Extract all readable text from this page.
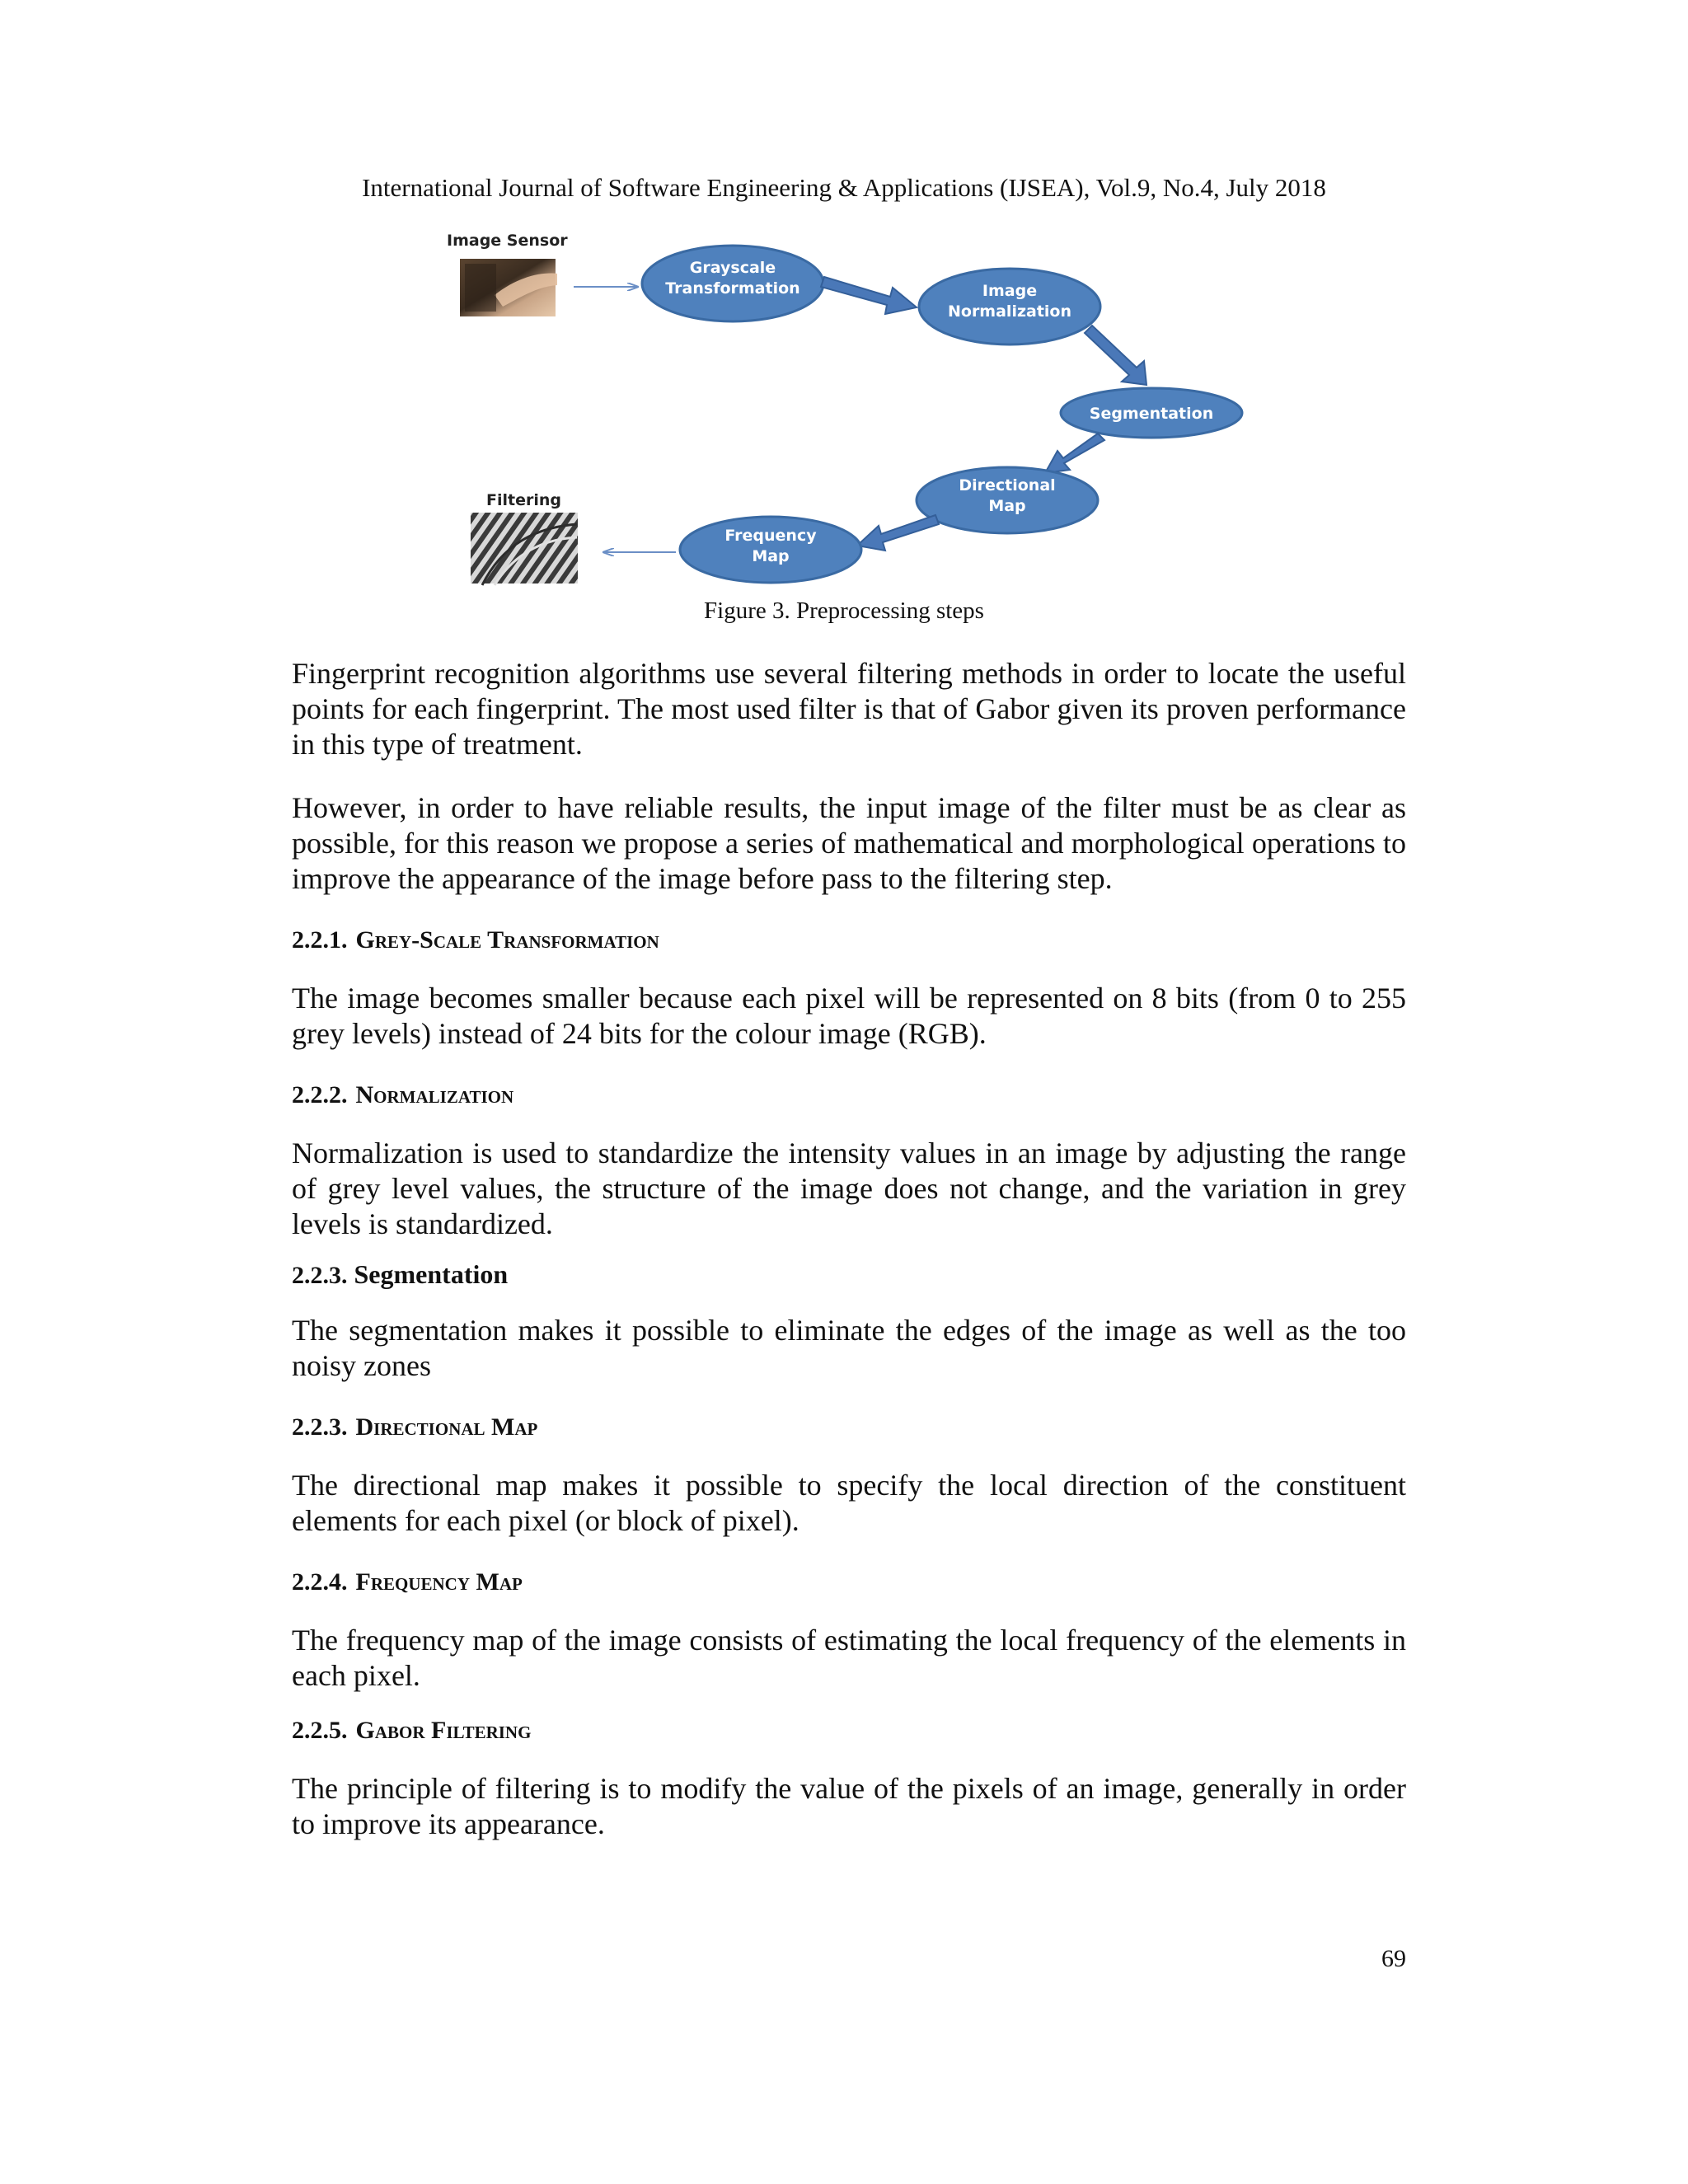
International Journal of Software Engineering & Applications (IJSEA), Vol.9, No.4, July 2018
Image Sensor
Grayscale
Transformation	Image
Normalization
Segmentation
Directional
Map
Frequency
Map
Filtering
Figure 3. Preprocessing steps

Fingerprint recognition algorithms use several filtering methods in order to locate the useful points for each fingerprint. The most used filter is that of Gabor given its proven performance in this type of treatment.

However, in order to have reliable results, the input image of the filter must be as clear as possible, for this reason we propose a series of mathematical and morphological operations to improve the appearance of the image before pass to the filtering step.

2.2.1. Grey-Scale Transformation

The image becomes smaller because each pixel will be represented on 8 bits (from 0 to 255 grey levels) instead of 24 bits for the colour image (RGB).

2.2.2. Normalization

Normalization is used to standardize the intensity values in an image by adjusting the range of grey level values, the structure of the image does not change, and the variation in grey levels is standardized.

2.2.3. Segmentation

The segmentation makes it possible to eliminate the edges of the image as well as the too noisy zones

2.2.3. Directional Map

The directional map makes it possible to specify the local direction of the constituent elements for each pixel (or block of pixel).

2.2.4. Frequency Map

The frequency map of the image consists of estimating the local frequency of the elements in each pixel.

2.2.5. Gabor Filtering

The principle of filtering is to modify the value of the pixels of an image, generally in order to improve its appearance.

69
